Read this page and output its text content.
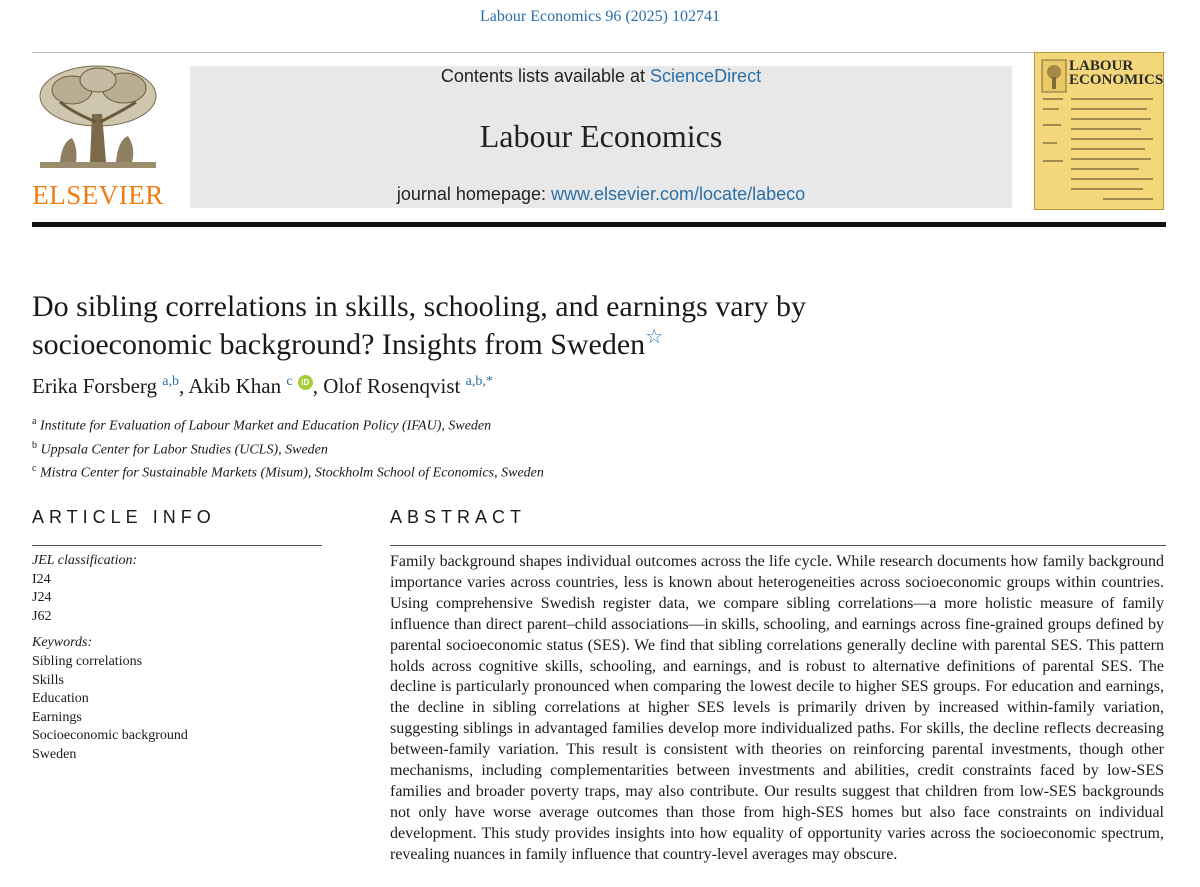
Labour Economics 96 (2025) 102741
ELSEVIER
Contents lists available at ScienceDirect
Labour Economics
journal homepage: www.elsevier.com/locate/labeco
LABOUR
ECONOMICS
Do sibling correlations in skills, schooling, and earnings vary by
socioeconomic background? Insights from Sweden☆
Erika Forsberg $^{a,b}$, Akib Khan $^c$ iD , Olof Rosenqvist $^{a,b,*}$
$^a$ Institute for Evaluation of Labour Market and Education Policy (IFAU), Sweden
$^b$ Uppsala Center for Labor Studies (UCLS), Sweden
$^c$ Mistra Center for Sustainable Markets (Misum), Stockholm School of Economics, Sweden
ARTICLE INFO	ABSTRACT
JEL classification:
I24
J24
J62
Keywords:
Sibling correlations
Skills
Education
Earnings
Socioeconomic background
Sweden
Family background shapes individual outcomes across the life cycle. While research documents how family background importance varies across countries, less is known about heterogeneities across socioeconomic groups within countries. Using comprehensive Swedish register data, we compare sibling correlations—a more holistic measure of family influence than direct parent–child associations—in skills, schooling, and earnings across fine-grained groups defined by parental socioeconomic status (SES). We find that sibling correlations generally decline with parental SES. This pattern holds across cognitive skills, schooling, and earnings, and is robust to alternative definitions of parental SES. The decline is particularly pronounced when comparing the lowest decile to higher SES groups. For education and earnings, the decline in sibling correlations at higher SES levels is primarily driven by increased within-family variation, suggesting siblings in advantaged families develop more individualized paths. For skills, the decline reflects decreasing between-family variation. This result is consistent with theories on reinforcing parental investments, though other mechanisms, including complementarities between investments and abilities, credit constraints faced by low-SES families and broader poverty traps, may also contribute. Our results suggest that children from low-SES backgrounds not only have worse average outcomes than those from high-SES homes but also face constraints on individual development. This study provides insights into how equality of opportunity varies across the socioeconomic spectrum, revealing nuances in family influence that country-level averages may obscure.
